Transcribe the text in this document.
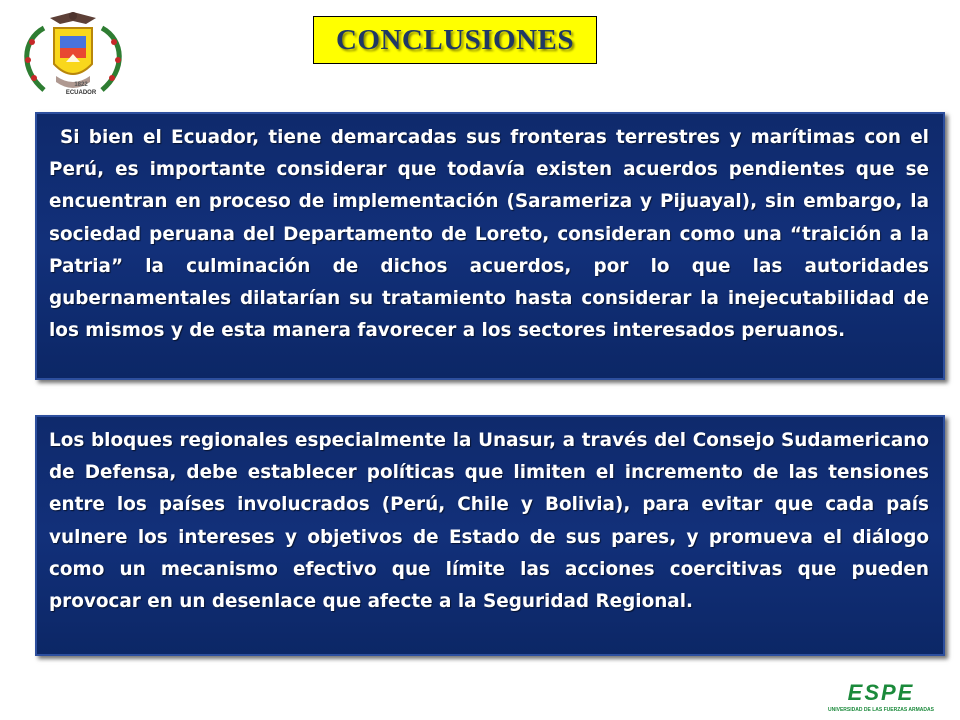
1822
ECUADOR
CONCLUSIONES

Si bien el Ecuador, tiene demarcadas sus fronteras terrestres y marítimas con el Perú, es importante considerar que todavía existen acuerdos pendientes que se encuentran en proceso de implementación (Sarameriza y Pijuayal), sin embargo, la sociedad peruana del Departamento de Loreto, consideran como una “traición a la Patria” la culminación de dichos acuerdos, por lo que las autoridades gubernamentales dilatarían su tratamiento hasta considerar la inejecutabilidad de los mismos y de esta manera favorecer a los sectores interesados peruanos.

Los bloques regionales especialmente la Unasur, a través del Consejo Sudamericano de Defensa, debe establecer políticas que limiten el incremento de las tensiones entre los países involucrados (Perú, Chile y Bolivia), para evitar que cada país vulnere los intereses y objetivos de Estado de sus pares, y promueva el diálogo como un mecanismo efectivo que límite las acciones coercitivas que pueden provocar en un desenlace que afecte a la Seguridad Regional.

ESPE
UNIVERSIDAD DE LAS FUERZAS ARMADAS
